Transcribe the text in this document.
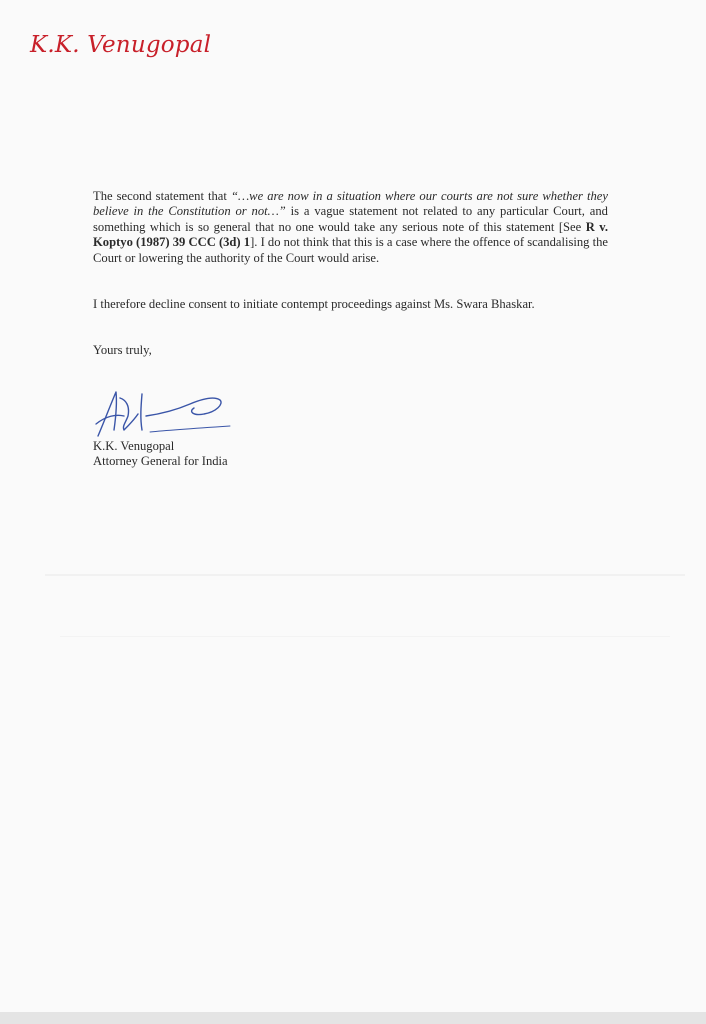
K.K. Venugopal

The second statement that “…we are now in a situation where our courts are not sure whether they believe in the Constitution or not…” is a vague statement not related to any particular Court, and something which is so general that no one would take any serious note of this statement [See R v. Koptyo (1987) 39 CCC (3d) 1]. I do not think that this is a case where the offence of scandalising the Court or lowering the authority of the Court would arise.

I therefore decline consent to initiate contempt proceedings against Ms. Swara Bhaskar.

Yours truly,

K.K. Venugopal
Attorney General for India
